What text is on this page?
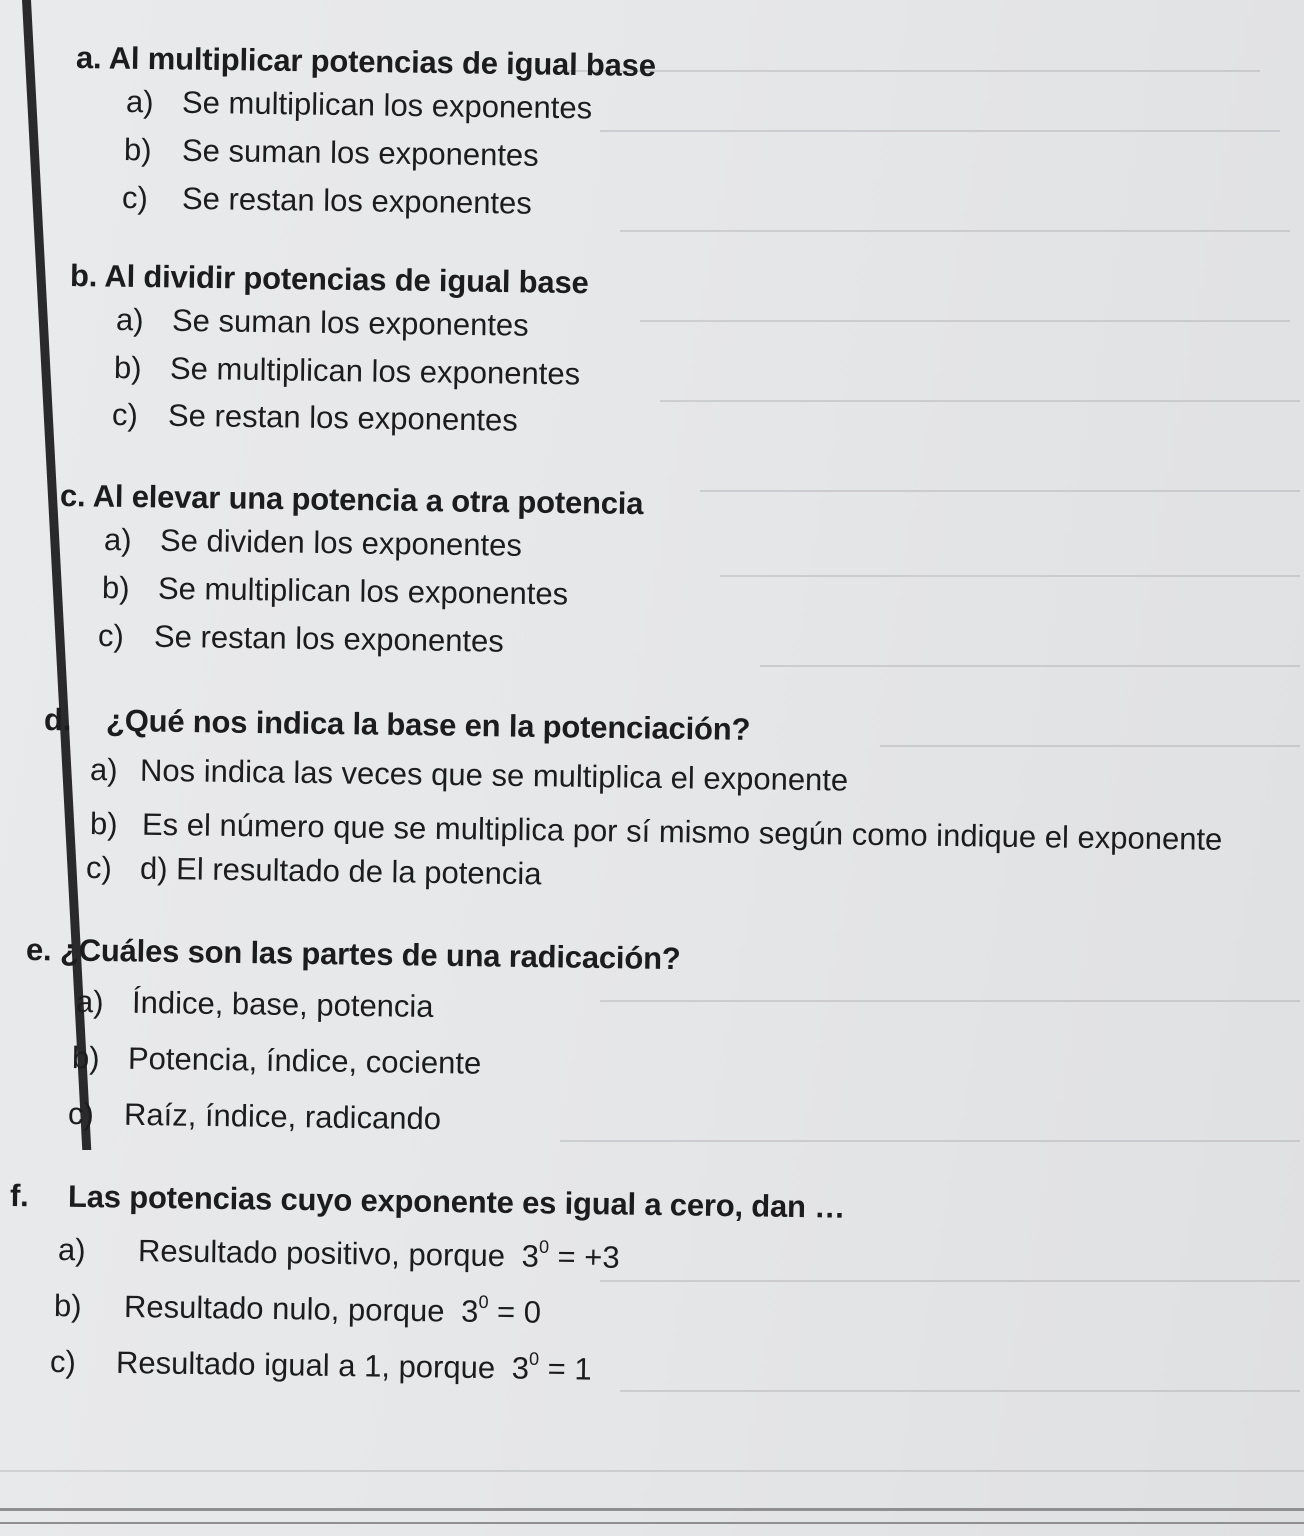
a. Al multiplicar potencias de igual base
a) Se multiplican los exponentes
b) Se suman los exponentes
c) Se restan los exponentes
b. Al dividir potencias de igual base
a) Se suman los exponentes
b) Se multiplican los exponentes
c) Se restan los exponentes
c. Al elevar una potencia a otra potencia
a) Se dividen los exponentes
b) Se multiplican los exponentes
c) Se restan los exponentes
d. ¿Qué nos indica la base en la potenciación?
a) Nos indica las veces que se multiplica el exponente
b) Es el número que se multiplica por sí mismo según como indique el exponente
c) d) El resultado de la potencia
e. ¿Cuáles son las partes de una radicación?
a) Índice, base, potencia
b) Potencia, índice, cociente
c) Raíz, índice, radicando
f. Las potencias cuyo exponente es igual a cero, dan …
a) Resultado positivo, porque $3^0 = +3$
b) Resultado nulo, porque $3^0 = 0$
c) Resultado igual a 1, porque $3^0 = 1$
